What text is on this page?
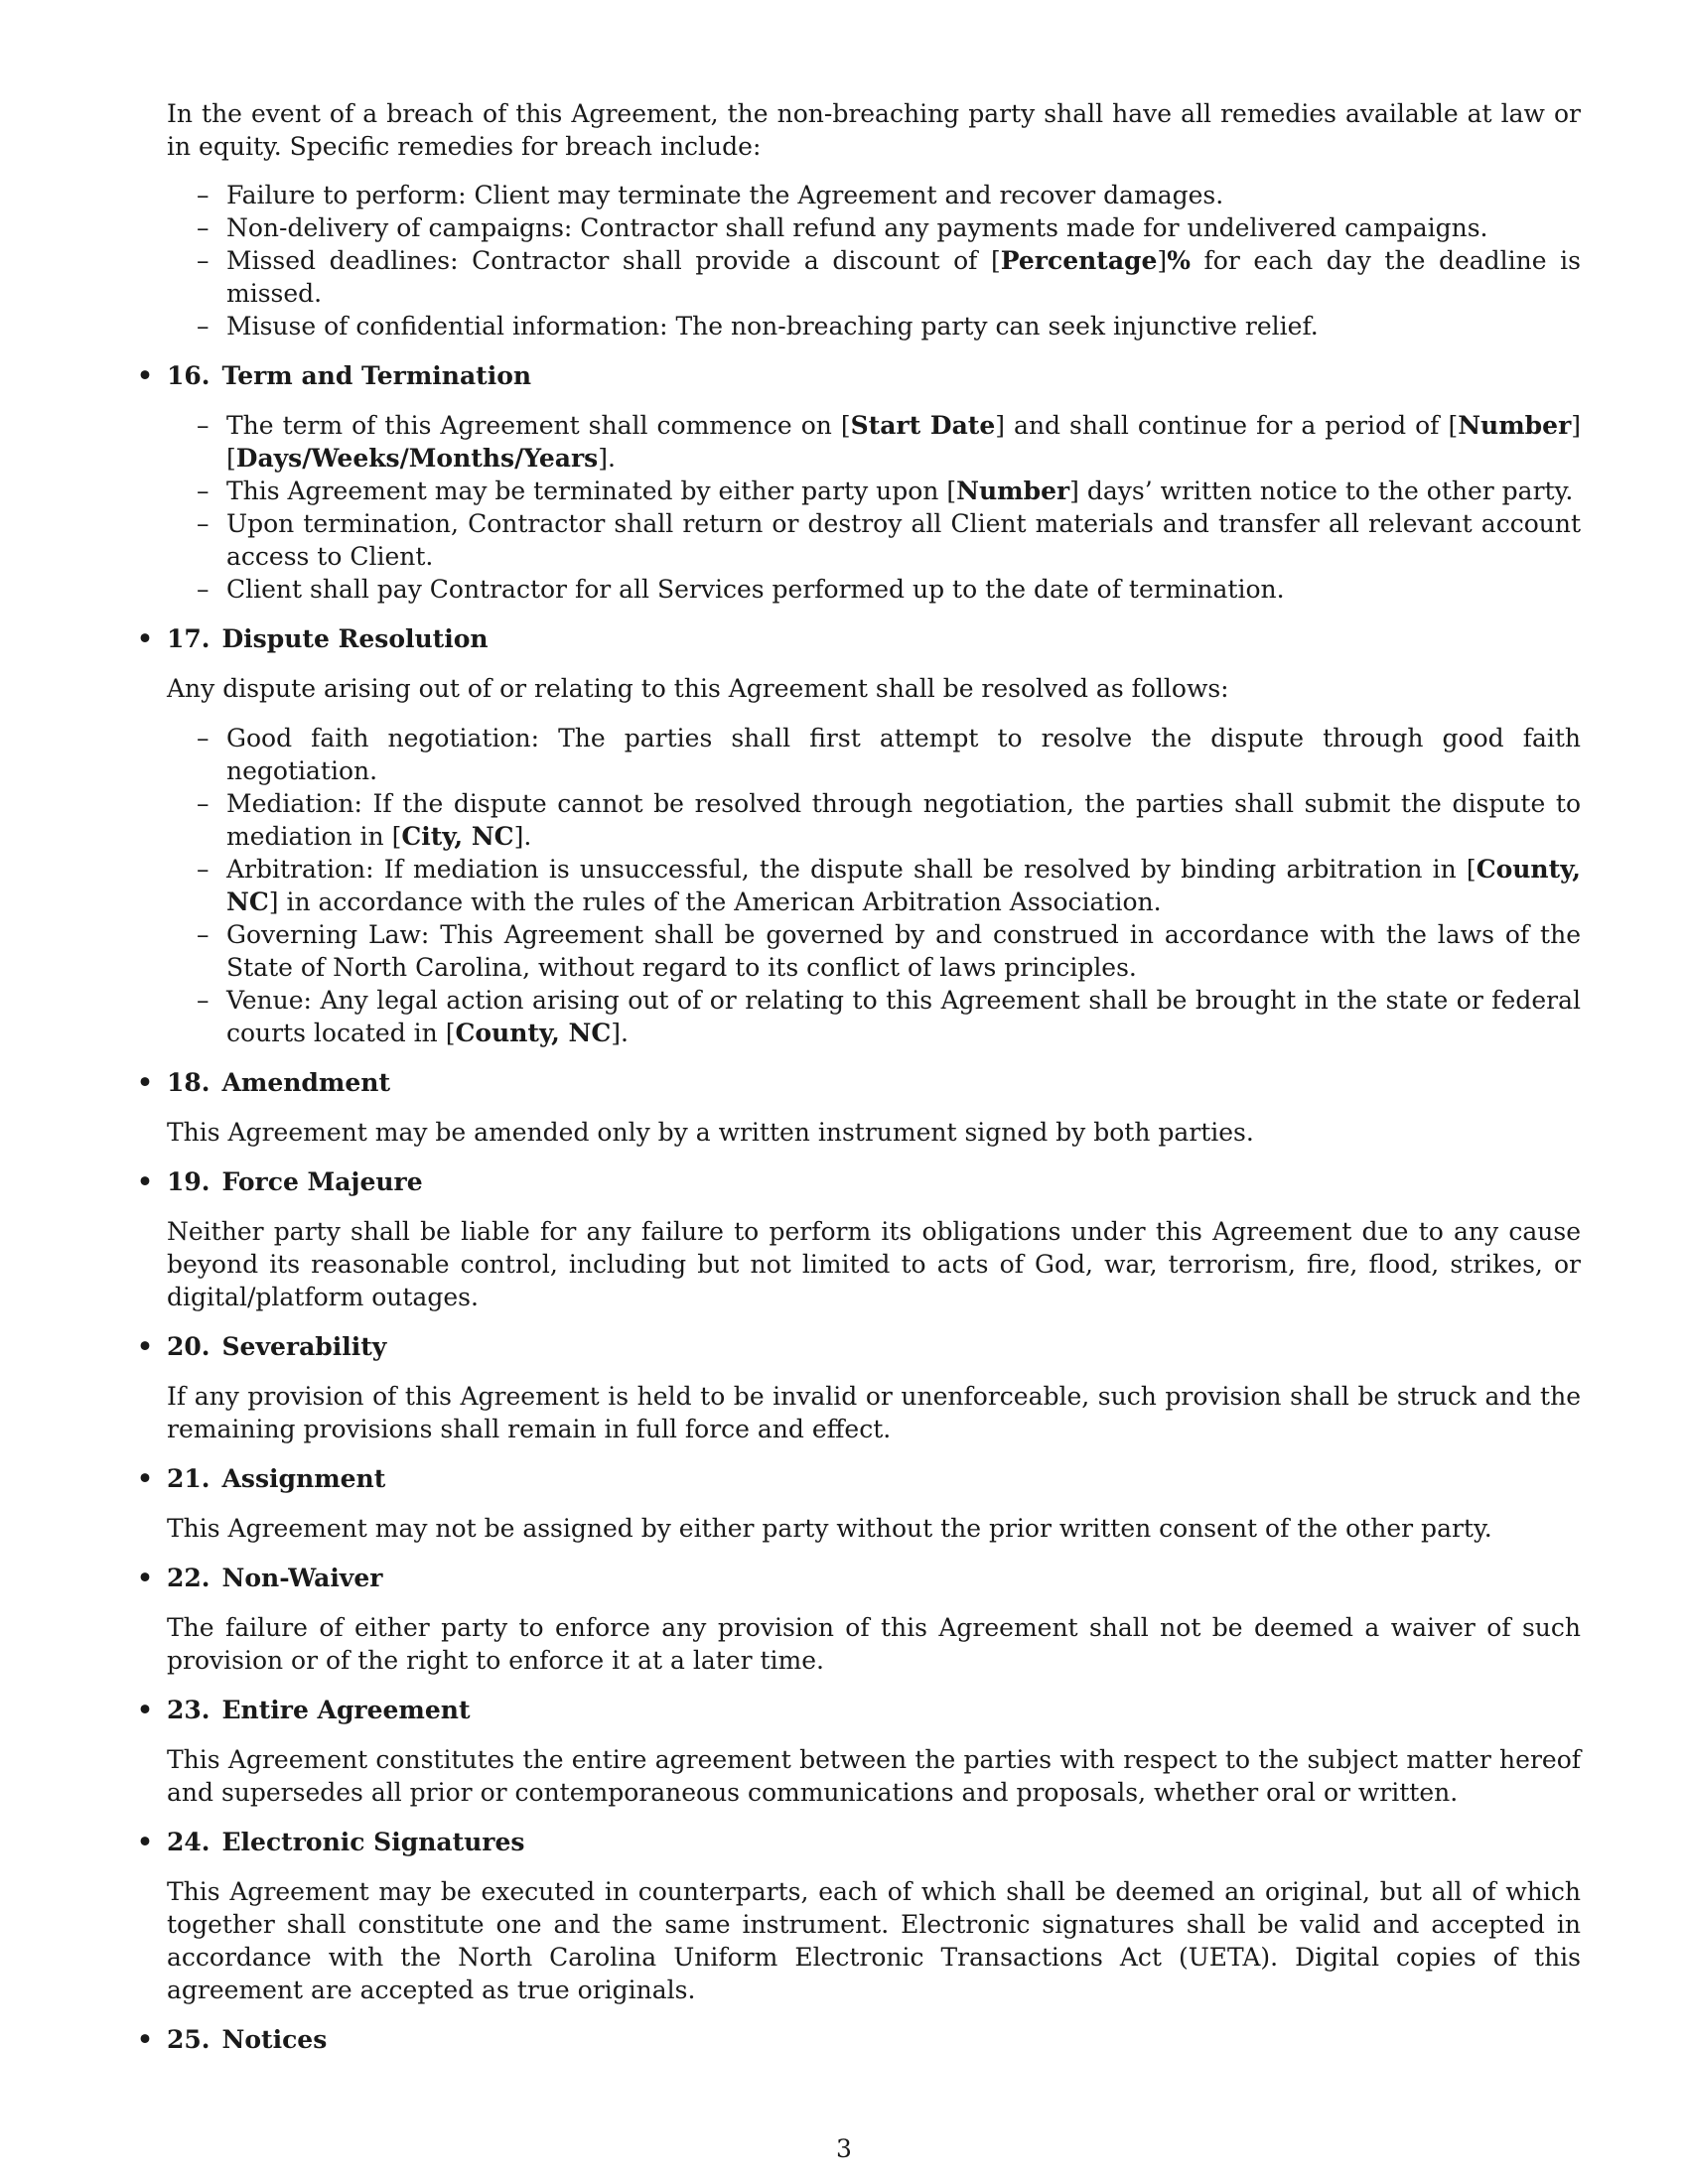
In the event of a breach of this Agreement, the non-breaching party shall have all remedies available at law or in equity. Specific remedies for breach include:

– Failure to perform: Client may terminate the Agreement and recover damages.
– Non-delivery of campaigns: Contractor shall refund any payments made for undelivered campaigns.
– Missed deadlines: Contractor shall provide a discount of [Percentage]% for each day the deadline is missed.
– Misuse of confidential information: The non-breaching party can seek injunctive relief.

• 16. Term and Termination

– The term of this Agreement shall commence on [Start Date] and shall continue for a period of [Number] [Days/Weeks/Months/Years].
– This Agreement may be terminated by either party upon [Number] days’ written notice to the other party.
– Upon termination, Contractor shall return or destroy all Client materials and transfer all relevant account access to Client.
– Client shall pay Contractor for all Services performed up to the date of termination.

• 17. Dispute Resolution

Any dispute arising out of or relating to this Agreement shall be resolved as follows:

– Good faith negotiation: The parties shall first attempt to resolve the dispute through good faith negotiation.
– Mediation: If the dispute cannot be resolved through negotiation, the parties shall submit the dispute to mediation in [City, NC].
– Arbitration: If mediation is unsuccessful, the dispute shall be resolved by binding arbitration in [County, NC] in accordance with the rules of the American Arbitration Association.
– Governing Law: This Agreement shall be governed by and construed in accordance with the laws of the State of North Carolina, without regard to its conflict of laws principles.
– Venue: Any legal action arising out of or relating to this Agreement shall be brought in the state or federal courts located in [County, NC].

• 18. Amendment

This Agreement may be amended only by a written instrument signed by both parties.

• 19. Force Majeure

Neither party shall be liable for any failure to perform its obligations under this Agreement due to any cause beyond its reasonable control, including but not limited to acts of God, war, terrorism, fire, flood, strikes, or digital/platform outages.

• 20. Severability

If any provision of this Agreement is held to be invalid or unenforceable, such provision shall be struck and the remaining provisions shall remain in full force and effect.

• 21. Assignment

This Agreement may not be assigned by either party without the prior written consent of the other party.

• 22. Non-Waiver

The failure of either party to enforce any provision of this Agreement shall not be deemed a waiver of such provision or of the right to enforce it at a later time.

• 23. Entire Agreement

This Agreement constitutes the entire agreement between the parties with respect to the subject matter hereof and supersedes all prior or contemporaneous communications and proposals, whether oral or written.

• 24. Electronic Signatures

This Agreement may be executed in counterparts, each of which shall be deemed an original, but all of which together shall constitute one and the same instrument. Electronic signatures shall be valid and accepted in accordance with the North Carolina Uniform Electronic Transactions Act (UETA). Digital copies of this agreement are accepted as true originals.

• 25. Notices

3
